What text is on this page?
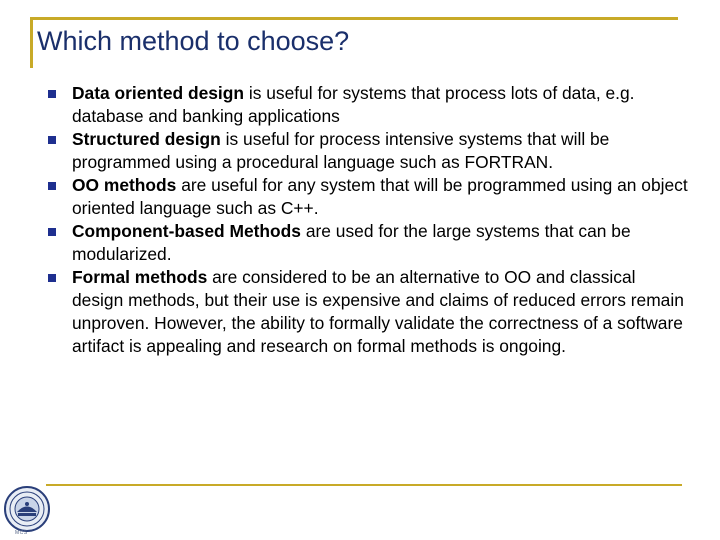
Which method to choose?
Data oriented design is useful for systems that process lots of data, e.g. database and banking applications
Structured design is useful for process intensive systems that will be programmed using a procedural language such as FORTRAN.
OO methods are useful for any system that will be programmed using an object oriented language such as C++.
Component-based Methods are used for the large systems that can be modularized.
Formal methods are considered to be an alternative to OO and classical design methods, but their use is expensive and claims of reduced errors remain unproven. However, the ability to formally validate the correctness of a software artifact is appealing and research on formal methods is ongoing.
MCS
